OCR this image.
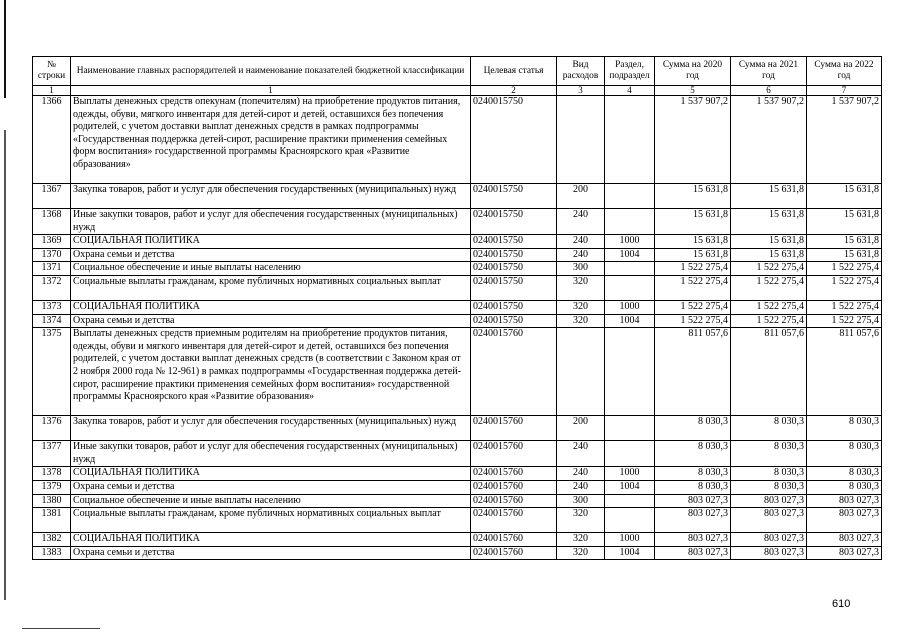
№ строки	Наименование главных распорядителей и наименование показателей бюджетной классификации	Целевая статья	Вид расходов	Раздел, подраздел	Сумма на 2020 год	Сумма на 2021 год	Сумма на 2022 год
1	1	2	3	4	5	6	7
1366	Выплаты денежных средств опекунам (попечителям) на приобретение продуктов питания, одежды, обуви, мягкого инвентаря для детей-сирот и детей, оставшихся без попечения родителей, с учетом доставки выплат денежных средств в рамках подпрограммы «Государственная поддержка детей-сирот, расширение практики применения семейных форм воспитания» государственной программы Красноярского края «Развитие образования»	0240015750			1 537 907,2	1 537 907,2	1 537 907,2
1367	Закупка товаров, работ и услуг для обеспечения государственных (муниципальных) нужд	0240015750	200		15 631,8	15 631,8	15 631,8
1368	Иные закупки товаров, работ и услуг для обеспечения государственных (муниципальных) нужд	0240015750	240		15 631,8	15 631,8	15 631,8
1369	СОЦИАЛЬНАЯ ПОЛИТИКА	0240015750	240	1000	15 631,8	15 631,8	15 631,8
1370	Охрана семьи и детства	0240015750	240	1004	15 631,8	15 631,8	15 631,8
1371	Социальное обеспечение и иные выплаты населению	0240015750	300		1 522 275,4	1 522 275,4	1 522 275,4
1372	Социальные выплаты гражданам, кроме публичных нормативных социальных выплат	0240015750	320		1 522 275,4	1 522 275,4	1 522 275,4
1373	СОЦИАЛЬНАЯ ПОЛИТИКА	0240015750	320	1000	1 522 275,4	1 522 275,4	1 522 275,4
1374	Охрана семьи и детства	0240015750	320	1004	1 522 275,4	1 522 275,4	1 522 275,4
1375	Выплаты денежных средств приемным родителям на приобретение продуктов питания, одежды, обуви и мягкого инвентаря для детей-сирот и детей, оставшихся без попечения родителей, с учетом доставки выплат денежных средств (в соответствии с Законом края от 2 ноября 2000 года № 12-961) в рамках подпрограммы «Государственная поддержка детей-сирот, расширение практики применения семейных форм воспитания» государственной программы Красноярского края «Развитие образования»	0240015760			811 057,6	811 057,6	811 057,6
1376	Закупка товаров, работ и услуг для обеспечения государственных (муниципальных) нужд	0240015760	200		8 030,3	8 030,3	8 030,3
1377	Иные закупки товаров, работ и услуг для обеспечения государственных (муниципальных) нужд	0240015760	240		8 030,3	8 030,3	8 030,3
1378	СОЦИАЛЬНАЯ ПОЛИТИКА	0240015760	240	1000	8 030,3	8 030,3	8 030,3
1379	Охрана семьи и детства	0240015760	240	1004	8 030,3	8 030,3	8 030,3
1380	Социальное обеспечение и иные выплаты населению	0240015760	300		803 027,3	803 027,3	803 027,3
1381	Социальные выплаты гражданам, кроме публичных нормативных социальных выплат	0240015760	320		803 027,3	803 027,3	803 027,3
1382	СОЦИАЛЬНАЯ ПОЛИТИКА	0240015760	320	1000	803 027,3	803 027,3	803 027,3
1383	Охрана семьи и детства	0240015760	320	1004	803 027,3	803 027,3	803 027,3
610
